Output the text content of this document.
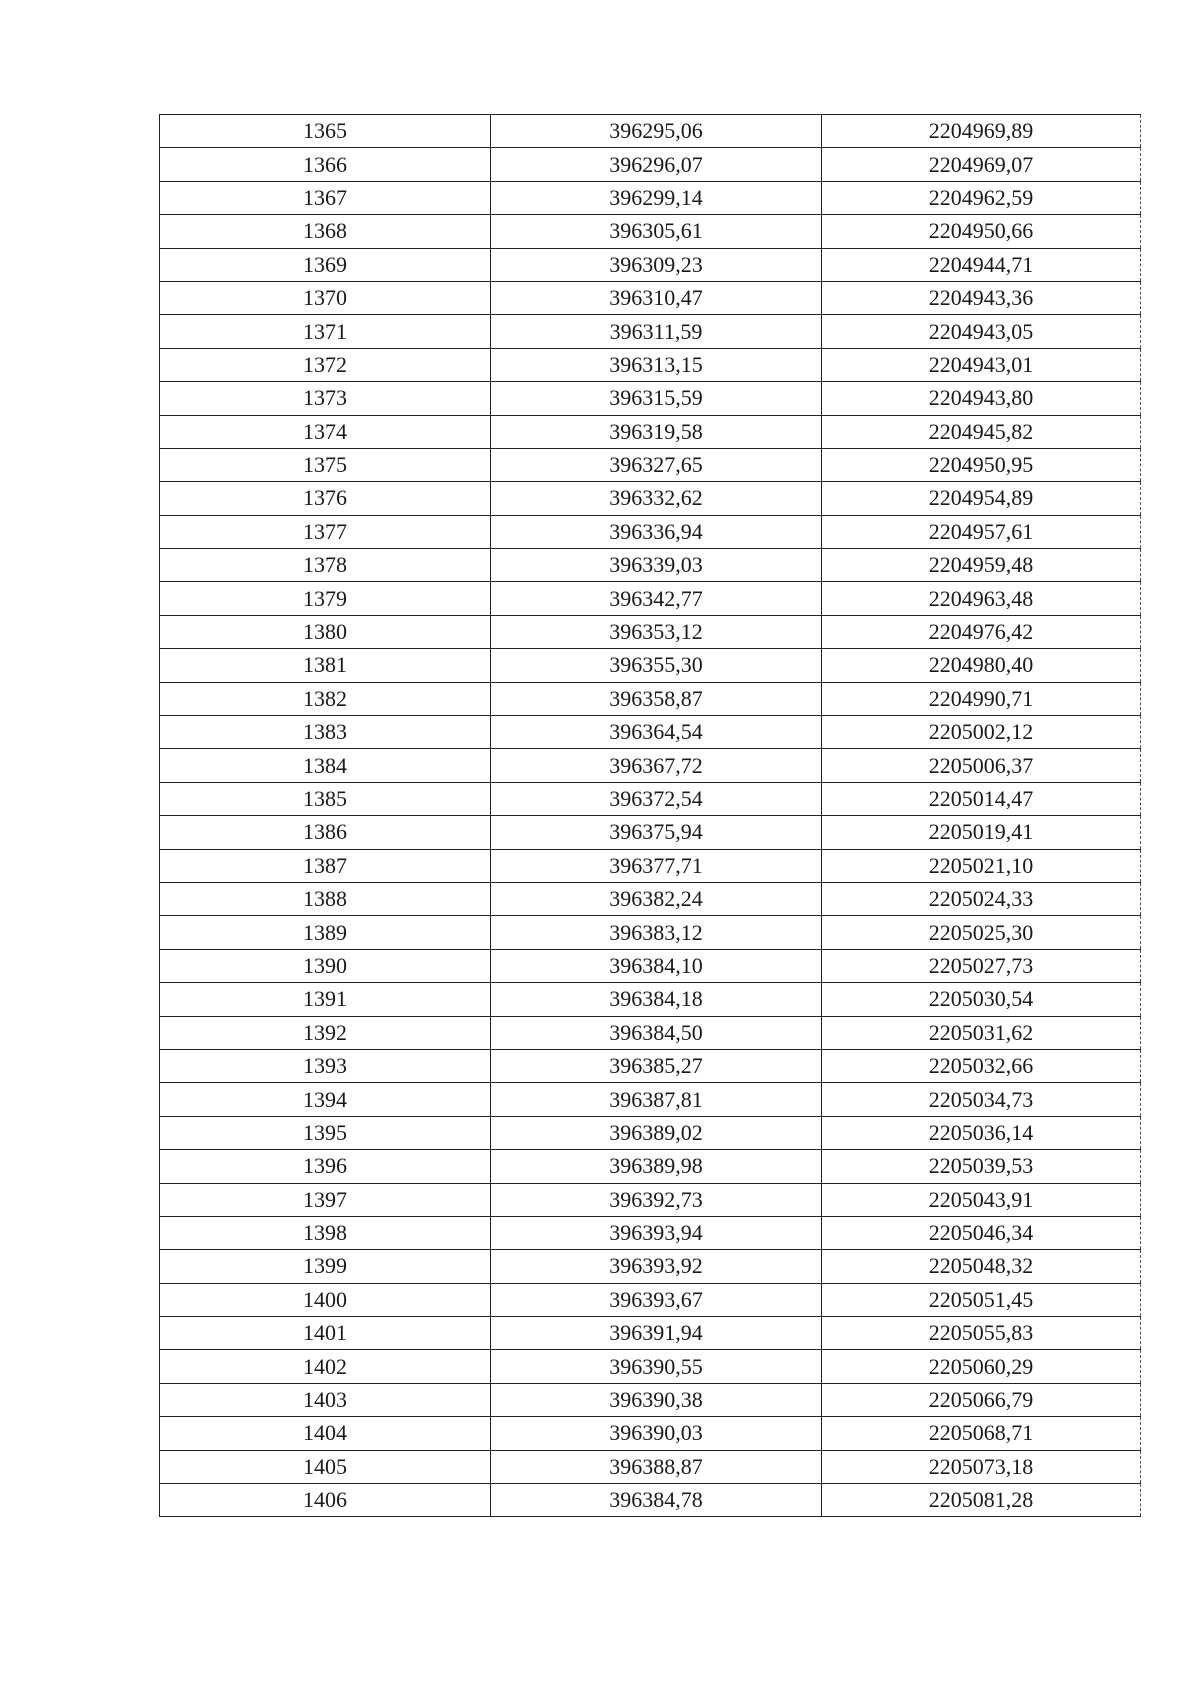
1365	396295,06	2204969,89
1366	396296,07	2204969,07
1367	396299,14	2204962,59
1368	396305,61	2204950,66
1369	396309,23	2204944,71
1370	396310,47	2204943,36
1371	396311,59	2204943,05
1372	396313,15	2204943,01
1373	396315,59	2204943,80
1374	396319,58	2204945,82
1375	396327,65	2204950,95
1376	396332,62	2204954,89
1377	396336,94	2204957,61
1378	396339,03	2204959,48
1379	396342,77	2204963,48
1380	396353,12	2204976,42
1381	396355,30	2204980,40
1382	396358,87	2204990,71
1383	396364,54	2205002,12
1384	396367,72	2205006,37
1385	396372,54	2205014,47
1386	396375,94	2205019,41
1387	396377,71	2205021,10
1388	396382,24	2205024,33
1389	396383,12	2205025,30
1390	396384,10	2205027,73
1391	396384,18	2205030,54
1392	396384,50	2205031,62
1393	396385,27	2205032,66
1394	396387,81	2205034,73
1395	396389,02	2205036,14
1396	396389,98	2205039,53
1397	396392,73	2205043,91
1398	396393,94	2205046,34
1399	396393,92	2205048,32
1400	396393,67	2205051,45
1401	396391,94	2205055,83
1402	396390,55	2205060,29
1403	396390,38	2205066,79
1404	396390,03	2205068,71
1405	396388,87	2205073,18
1406	396384,78	2205081,28
